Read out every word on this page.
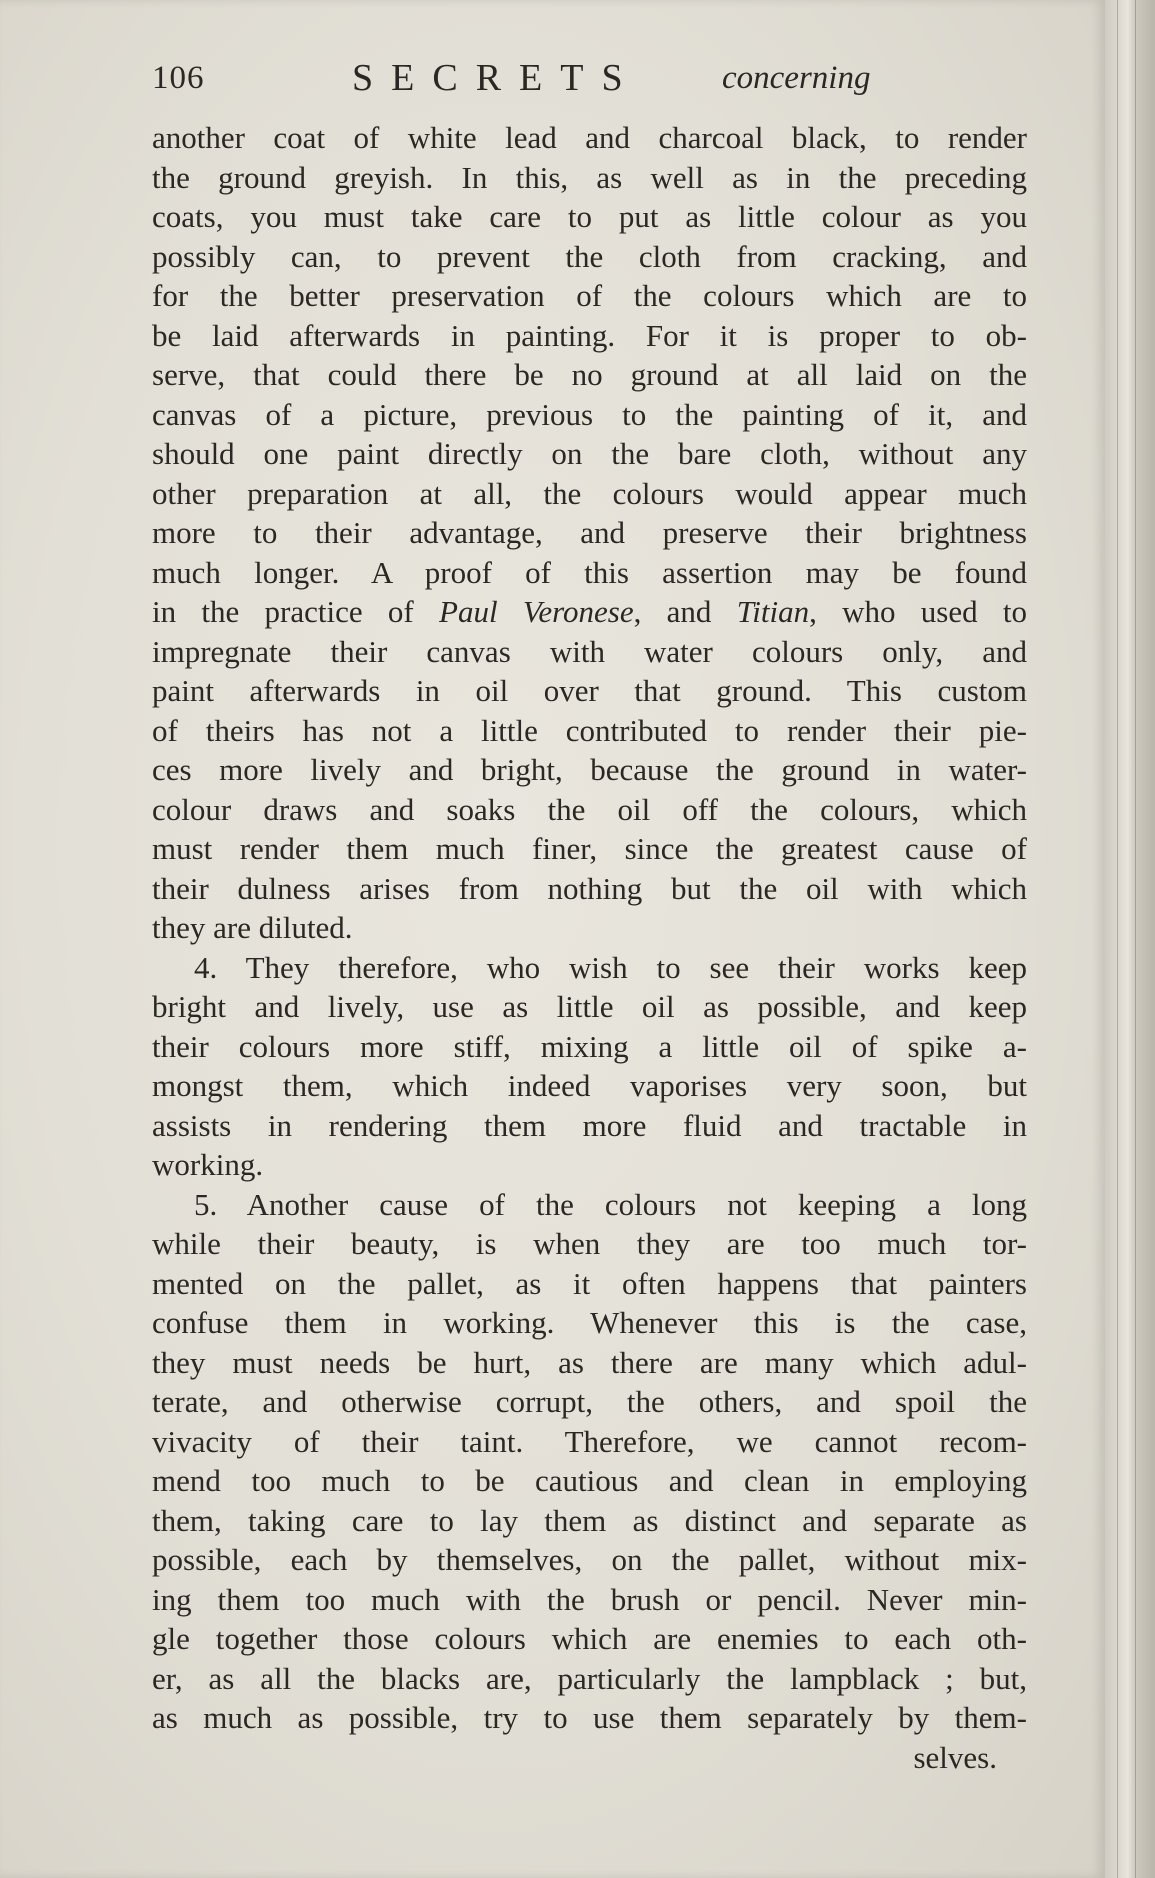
106	SECRETS concerning
another coat of white lead and charcoal black, to render
the ground greyish. In this, as well as in the preceding
coats, you must take care to put as little colour as you
possibly can, to prevent the cloth from cracking, and
for the better preservation of the colours which are to
be laid afterwards in painting. For it is proper to ob-
serve, that could there be no ground at all laid on the
canvas of a picture, previous to the painting of it, and
should one paint directly on the bare cloth, without any
other preparation at all, the colours would appear much
more to their advantage, and preserve their brightness
much longer. A proof of this assertion may be found
in the practice of Paul Veronese, and Titian, who used to
impregnate their canvas with water colours only, and
paint afterwards in oil over that ground. This custom
of theirs has not a little contributed to render their pie-
ces more lively and bright, because the ground in water-
colour draws and soaks the oil off the colours, which
must render them much finer, since the greatest cause of
their dulness arises from nothing but the oil with which
they are diluted.
4. They therefore, who wish to see their works keep
bright and lively, use as little oil as possible, and keep
their colours more stiff, mixing a little oil of spike a-
mongst them, which indeed vaporises very soon, but
assists in rendering them more fluid and tractable in
working.
5. Another cause of the colours not keeping a long
while their beauty, is when they are too much tor-
mented on the pallet, as it often happens that painters
confuse them in working. Whenever this is the case,
they must needs be hurt, as there are many which adul-
terate, and otherwise corrupt, the others, and spoil the
vivacity of their taint. Therefore, we cannot recom-
mend too much to be cautious and clean in employing
them, taking care to lay them as distinct and separate as
possible, each by themselves, on the pallet, without mix-
ing them too much with the brush or pencil. Never min-
gle together those colours which are enemies to each oth-
er, as all the blacks are, particularly the lampblack ; but,
as much as possible, try to use them separately by them-
selves.
